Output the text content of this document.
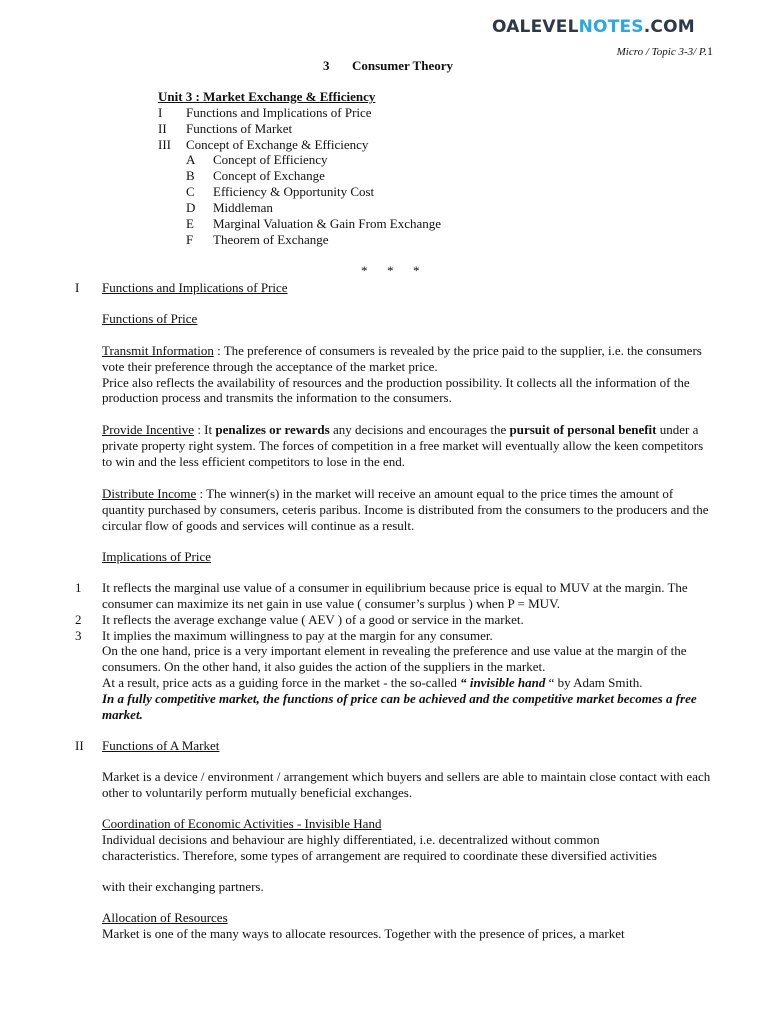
OALEVELNOTES.COM
Micro / Topic 3-3/ P.1
3 Consumer Theory
Unit 3 : Market Exchange & Efficiency
I Functions and Implications of Price
II Functions of Market
III Concept of Exchange & Efficiency
A Concept of Efficiency
B Concept of Exchange
C Efficiency & Opportunity Cost
D Middleman
E Marginal Valuation & Gain From Exchange
F Theorem of Exchange
*      *      *
I Functions and Implications of Price
Functions of Price
Transmit Information : The preference of consumers is revealed by the price paid to the supplier, i.e. the consumers vote their preference through the acceptance of the market price.
Price also reflects the availability of resources and the production possibility. It collects all the information of the production process and transmits the information to the consumers.
Provide Incentive : It penalizes or rewards any decisions and encourages the pursuit of personal benefit under a private property right system. The forces of competition in a free market will eventually allow the keen competitors to win and the less efficient competitors to lose in the end.
Distribute Income : The winner(s) in the market will receive an amount equal to the price times the amount of quantity purchased by consumers, ceteris paribus. Income is distributed from the consumers to the producers and the circular flow of goods and services will continue as a result.
Implications of Price
1 It reflects the marginal use value of a consumer in equilibrium because price is equal to MUV at the margin. The consumer can maximize its net gain in use value ( consumer’s surplus ) when P = MUV.
2 It reflects the average exchange value ( AEV ) of a good or service in the market.
3 It implies the maximum willingness to pay at the margin for any consumer.
On the one hand, price is a very important element in revealing the preference and use value at the margin of the consumers. On the other hand, it also guides the action of the suppliers in the market.
At a result, price acts as a guiding force in the market - the so-called “ invisible hand “ by Adam Smith.
In a fully competitive market, the functions of price can be achieved and the competitive market becomes a free market.
II Functions of A Market
Market is a device / environment / arrangement which buyers and sellers are able to maintain close contact with each other to voluntarily perform mutually beneficial exchanges.
Coordination of Economic Activities - Invisible Hand
Individual decisions and behaviour are highly differentiated, i.e. decentralized without common characteristics. Therefore, some types of arrangement are required to coordinate these diversified activities
with their exchanging partners.
Allocation of Resources
Market is one of the many ways to allocate resources. Together with the presence of prices, a market
